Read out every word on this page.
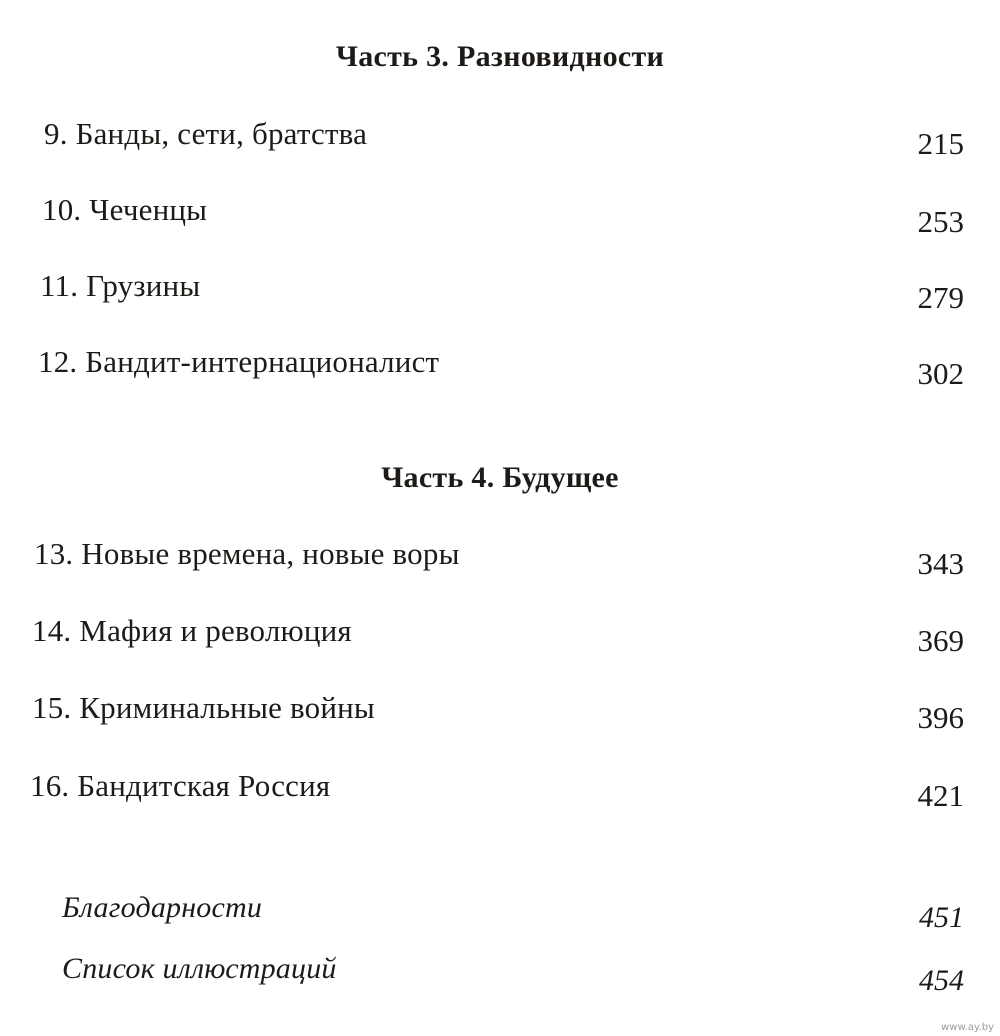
Часть 3. Разновидности
9. Банды, сети, братства	215
10. Чеченцы	253
11. Грузины	279
12. Бандит-интернационалист	302
Часть 4. Будущее
13. Новые времена, новые воры	343
14. Мафия и революция	369
15. Криминальные войны	396
16. Бандитская Россия	421
Благодарности	451
Список иллюстраций	454
www.ay.by
